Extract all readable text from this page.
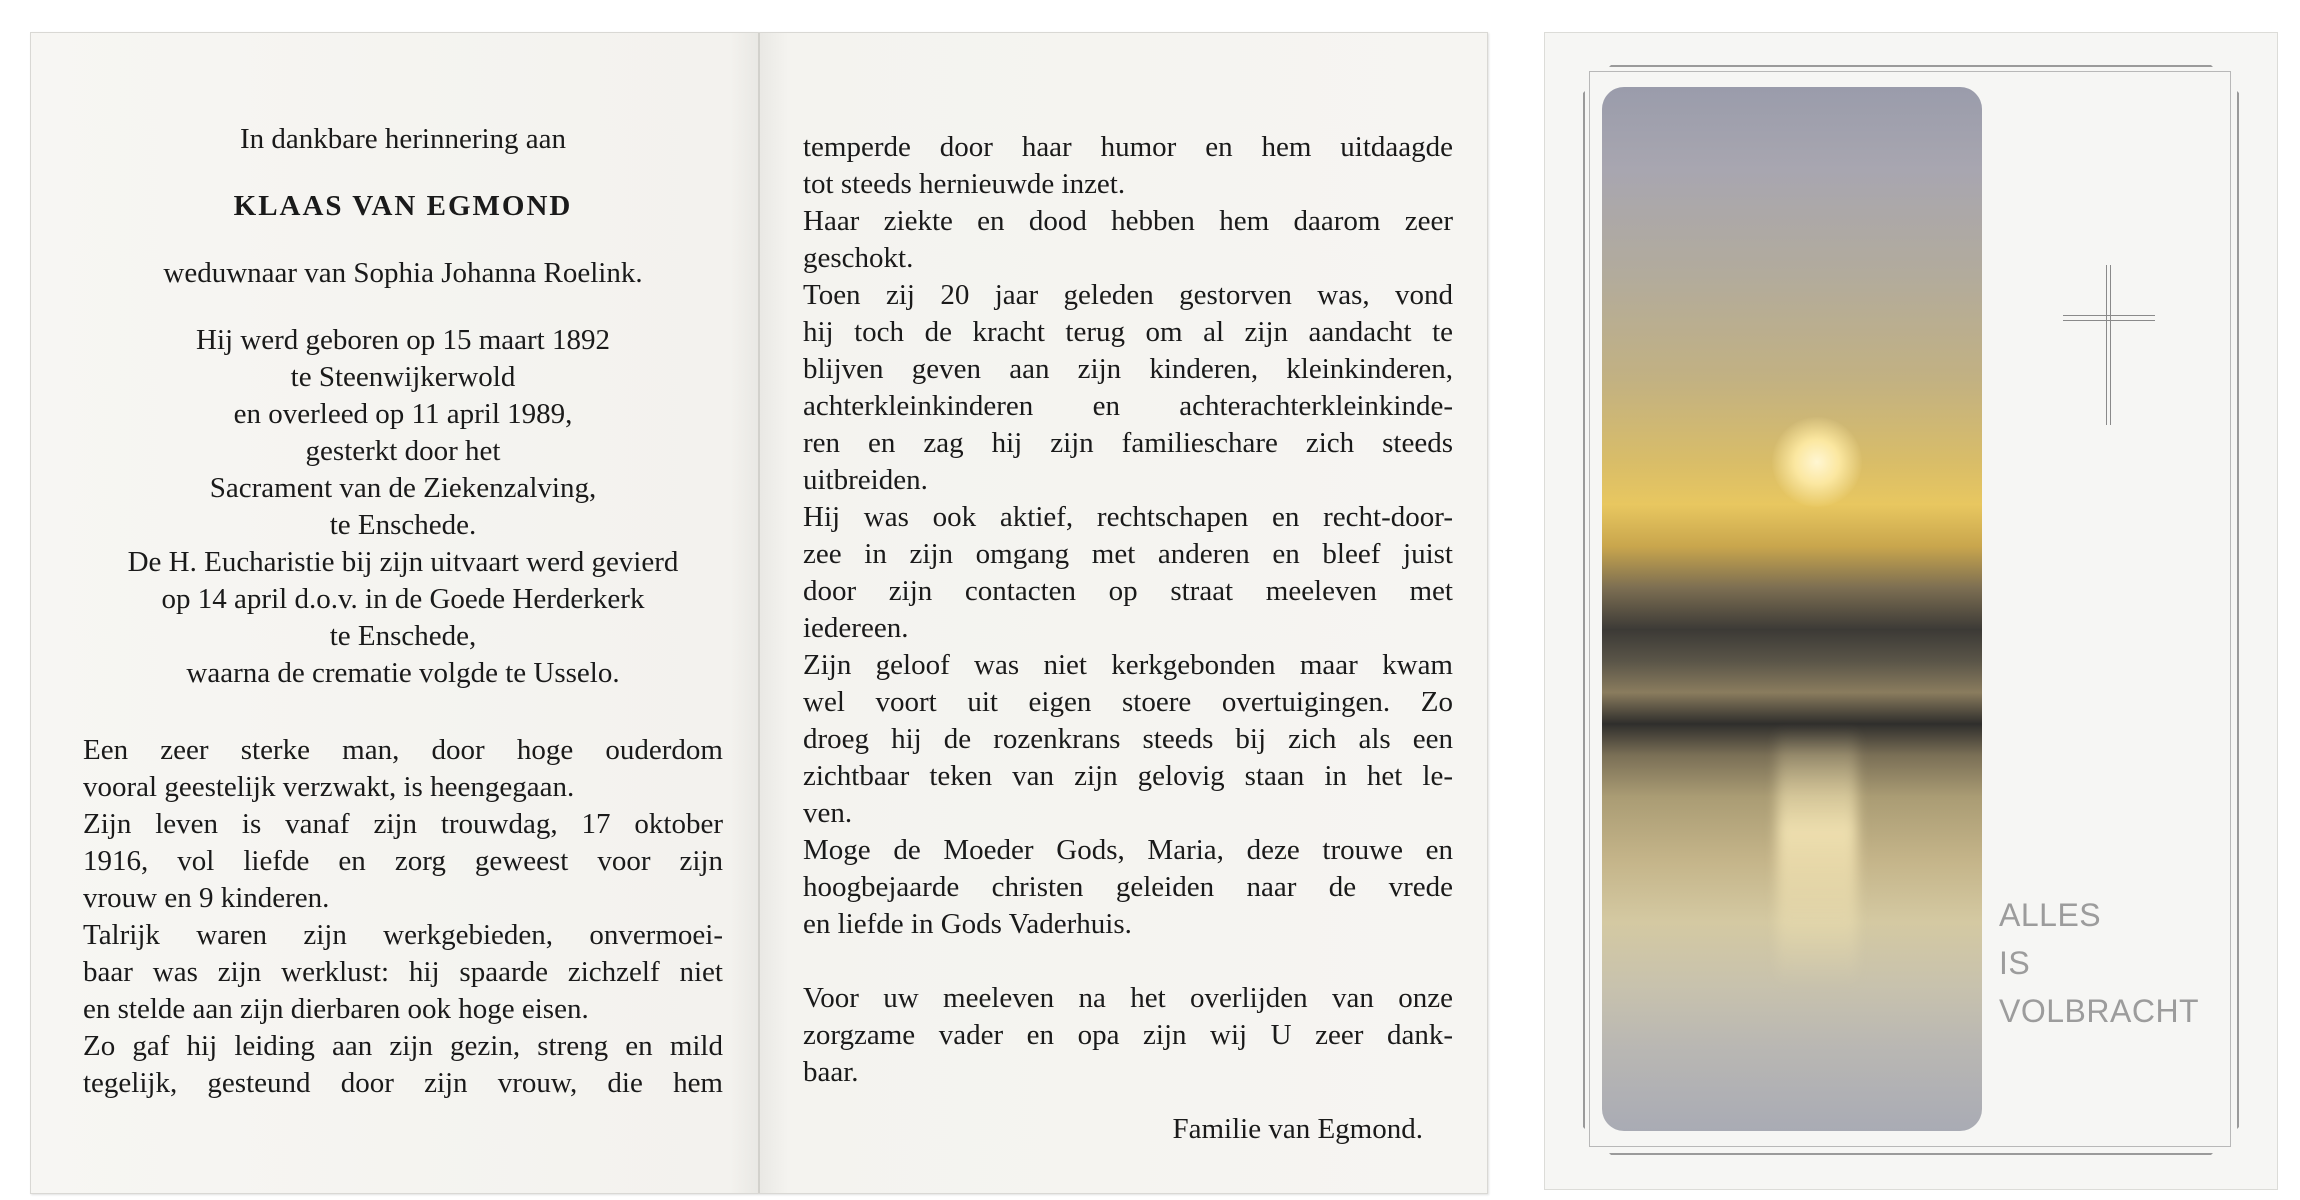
In dankbare herinnering aan
KLAAS VAN EGMOND
weduwnaar van Sophia Johanna Roelink.
Hij werd geboren op 15 maart 1892
te Steenwijkerwold
en overleed op 11 april 1989,
gesterkt door het
Sacrament van de Ziekenzalving,
te Enschede.
De H. Eucharistie bij zijn uitvaart werd gevierd
op 14 april d.o.v. in de Goede Herderkerk
te Enschede,
waarna de crematie volgde te Usselo.
Een zeer sterke man, door hoge ouderdom
vooral geestelijk verzwakt, is heengegaan.
Zijn leven is vanaf zijn trouwdag, 17 oktober
1916, vol liefde en zorg geweest voor zijn
vrouw en 9 kinderen.
Talrijk waren zijn werkgebieden, onvermoei-
baar was zijn werklust: hij spaarde zichzelf niet
en stelde aan zijn dierbaren ook hoge eisen.
Zo gaf hij leiding aan zijn gezin, streng en mild
tegelijk, gesteund door zijn vrouw, die hem
temperde door haar humor en hem uitdaagde
tot steeds hernieuwde inzet.
Haar ziekte en dood hebben hem daarom zeer
geschokt.
Toen zij 20 jaar geleden gestorven was, vond
hij toch de kracht terug om al zijn aandacht te
blijven geven aan zijn kinderen, kleinkinderen,
achterkleinkinderen en achterachterkleinkinde-
ren en zag hij zijn familieschare zich steeds
uitbreiden.
Hij was ook aktief, rechtschapen en recht-door-
zee in zijn omgang met anderen en bleef juist
door zijn contacten op straat meeleven met
iedereen.
Zijn geloof was niet kerkgebonden maar kwam
wel voort uit eigen stoere overtuigingen. Zo
droeg hij de rozenkrans steeds bij zich als een
zichtbaar teken van zijn gelovig staan in het le-
ven.
Moge de Moeder Gods, Maria, deze trouwe en
hoogbejaarde christen geleiden naar de vrede
en liefde in Gods Vaderhuis.
Voor uw meeleven na het overlijden van onze
zorgzame vader en opa zijn wij U zeer dank-
baar.
Familie van Egmond.
ALLES
IS
VOLBRACHT
